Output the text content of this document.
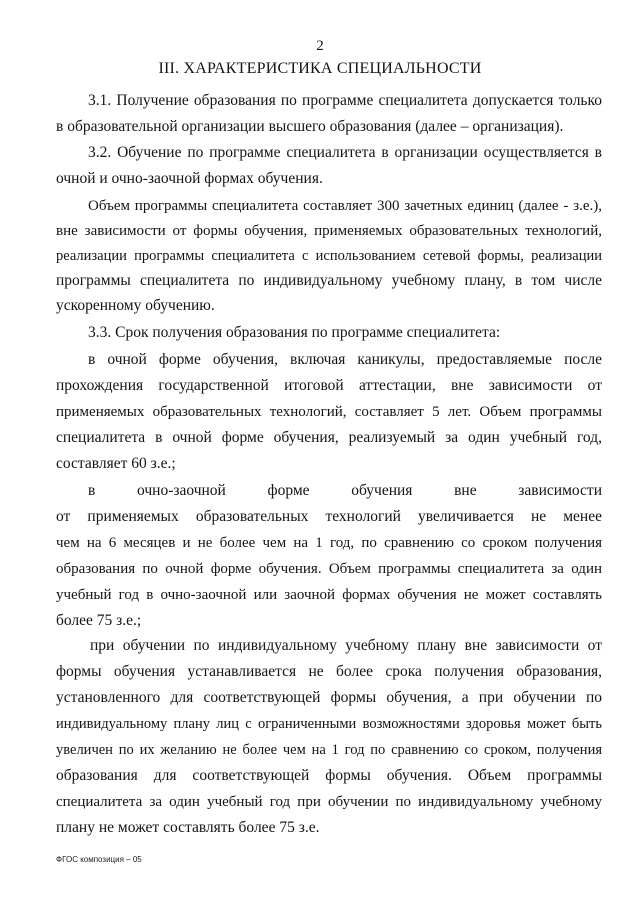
2
III. ХАРАКТЕРИСТИКА СПЕЦИАЛЬНОСТИ
3.1. Получение образования по программе специалитета допускается только
в образовательной организации высшего образования (далее – организация).
3.2. Обучение по программе специалитета в организации осуществляется в
очной и очно-заочной формах обучения.
Объем программы специалитета составляет 300 зачетных единиц (далее - з.е.),
вне зависимости от формы обучения, применяемых образовательных технологий,
реализации программы специалитета с использованием сетевой формы, реализации
программы специалитета по индивидуальному учебному плану, в том числе
ускоренному обучению.
3.3. Срок получения образования по программе специалитета:
в очной форме обучения, включая каникулы, предоставляемые после
прохождения государственной итоговой аттестации, вне зависимости от
применяемых образовательных технологий, составляет 5 лет. Объем программы
специалитета в очной форме обучения, реализуемый за один учебный год,
составляет 60 з.е.;
в очно-заочной форме обучения вне зависимости
от применяемых образовательных технологий увеличивается не менее
чем на 6 месяцев и не более чем на 1 год, по сравнению со сроком получения
образования по очной форме обучения. Объем программы специалитета за один
учебный год в очно-заочной или заочной формах обучения не может составлять
более 75 з.е.;
при обучении по индивидуальному учебному плану вне зависимости от
формы обучения устанавливается не более срока получения образования,
установленного для соответствующей формы обучения, а при обучении по
индивидуальному плану лиц с ограниченными возможностями здоровья может быть
увеличен по их желанию не более чем на 1 год по сравнению со сроком, получения
образования для соответствующей формы обучения. Объем программы
специалитета за один учебный год при обучении по индивидуальному учебному
плану не может составлять более 75 з.е.
ФГОС композиция – 05
